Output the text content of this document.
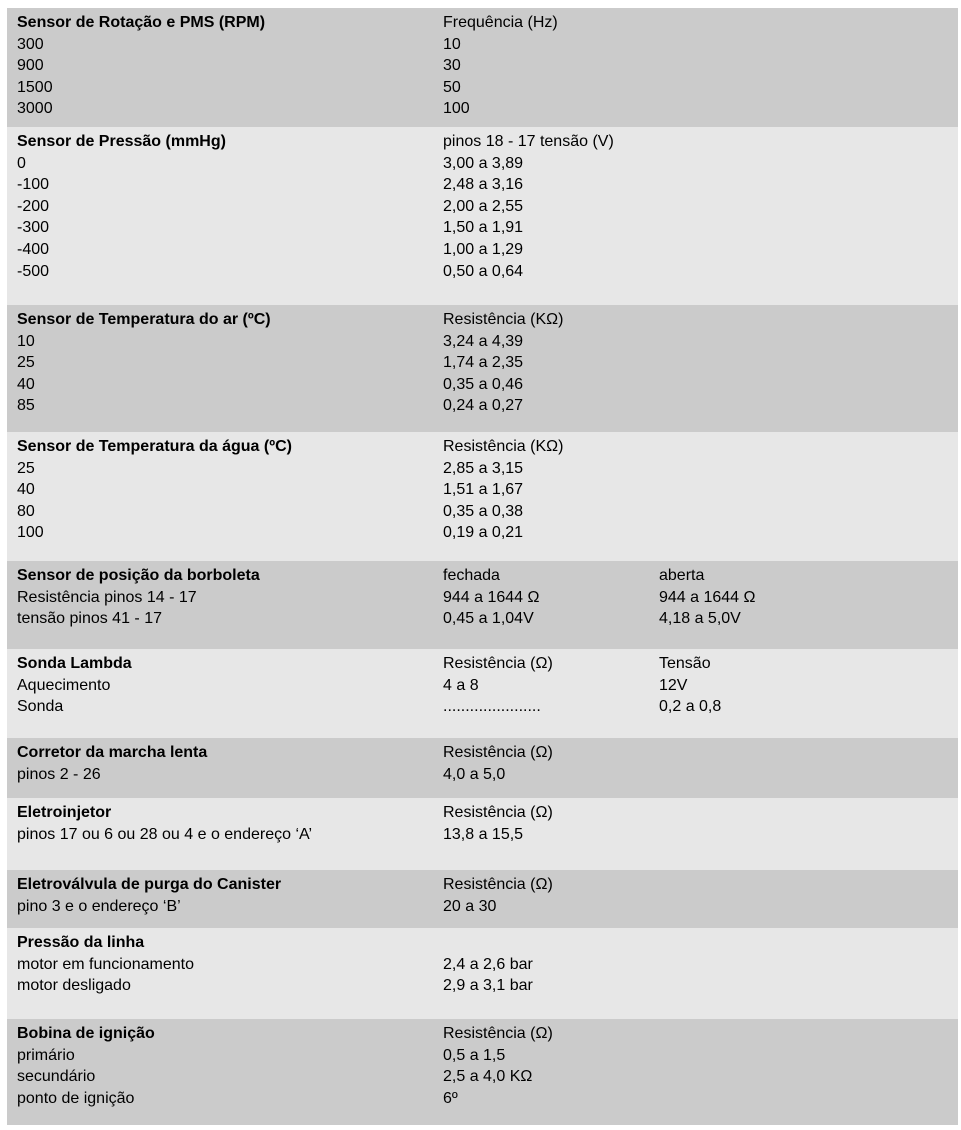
Sensor de Rotação e PMS (RPM)	Frequência (Hz)
300	10
900	30
1500	50
3000	100
Sensor de Pressão (mmHg)	pinos 18 - 17 tensão (V)
0	3,00 a 3,89
-100	2,48 a 3,16
-200	2,00 a 2,55
-300	1,50 a 1,91
-400	1,00 a 1,29
-500	0,50 a 0,64
Sensor de Temperatura do ar (ºC)	Resistência (KΩ)
10	3,24 a 4,39
25	1,74 a 2,35
40	0,35 a 0,46
85	0,24 a 0,27
Sensor de Temperatura da água (ºC)	Resistência (KΩ)
25	2,85 a 3,15
40	1,51 a 1,67
80	0,35 a 0,38
100	0,19 a 0,21
Sensor de posição da borboleta	fechada	aberta
Resistência pinos 14 - 17	944 a 1644 Ω	944 a 1644 Ω
tensão pinos 41 - 17	0,45 a 1,04V	4,18 a 5,0V
Sonda Lambda	Resistência (Ω)	Tensão
Aquecimento	4 a 8	12V
Sonda	......................	0,2 a 0,8
Corretor da marcha lenta	Resistência (Ω)
pinos 2 - 26	4,0 a 5,0
Eletroinjetor	Resistência (Ω)
pinos 17 ou 6 ou 28 ou 4 e o endereço ‘A’	13,8 a 15,5
Eletroválvula de purga do Canister	Resistência (Ω)
pino 3 e o endereço ‘B’	20 a 30
Pressão da linha
motor em funcionamento	2,4 a 2,6 bar
motor desligado	2,9 a 3,1 bar
Bobina de ignição	Resistência (Ω)
primário	0,5 a 1,5
secundário	2,5 a 4,0 KΩ
ponto de ignição	6º
